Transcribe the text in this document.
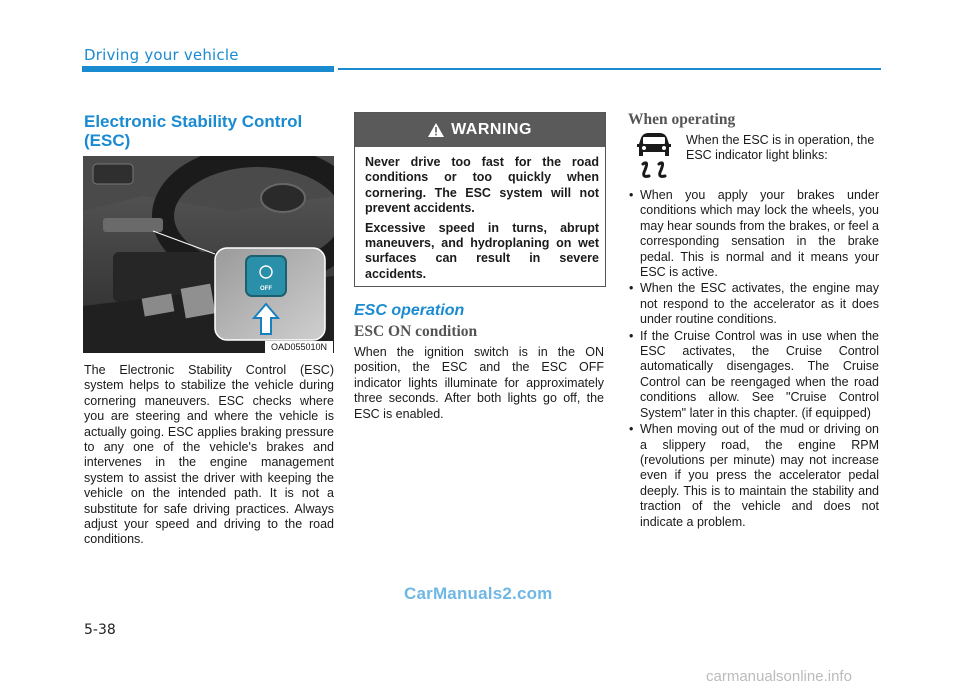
Driving your vehicle
Electronic Stability Control (ESC)
OFF
OAD055010N
The Electronic Stability Control (ESC) system helps to stabilize the vehicle during cornering maneuvers. ESC checks where you are steering and where the vehicle is actually going. ESC applies braking pressure to any one of the vehicle's brakes and intervenes in the engine management system to assist the driver with keeping the vehicle on the intended path. It is not a substitute for safe driving practices. Always adjust your speed and driving to the road conditions.
WARNING

Never drive too fast for the road conditions or too quickly when cornering. The ESC system will not prevent accidents.

Excessive speed in turns, abrupt maneuvers, and hydroplaning on wet surfaces can result in severe accidents.

ESC operation
ESC ON condition
When the ignition switch is in the ON position, the ESC and the ESC OFF indicator lights illuminate for approximately three seconds. After both lights go off, the ESC is enabled.
When operating
When the ESC is in operation, the ESC indicator light blinks:
• When you apply your brakes under conditions which may lock the wheels, you may hear sounds from the brakes, or feel a corresponding sensation in the brake pedal. This is normal and it means your ESC is active.
• When the ESC activates, the engine may not respond to the accelerator as it does under routine conditions.
• If the Cruise Control was in use when the ESC activates, the Cruise Control automatically disengages. The Cruise Control can be reengaged when the road conditions allow. See "Cruise Control System" later in this chapter. (if equipped)
• When moving out of the mud or driving on a slippery road, the engine RPM (revolutions per minute) may not increase even if you press the accelerator pedal deeply. This is to maintain the stability and traction of the vehicle and does not indicate a problem.
CarManuals2.com
5-38
carmanualsonline.info
